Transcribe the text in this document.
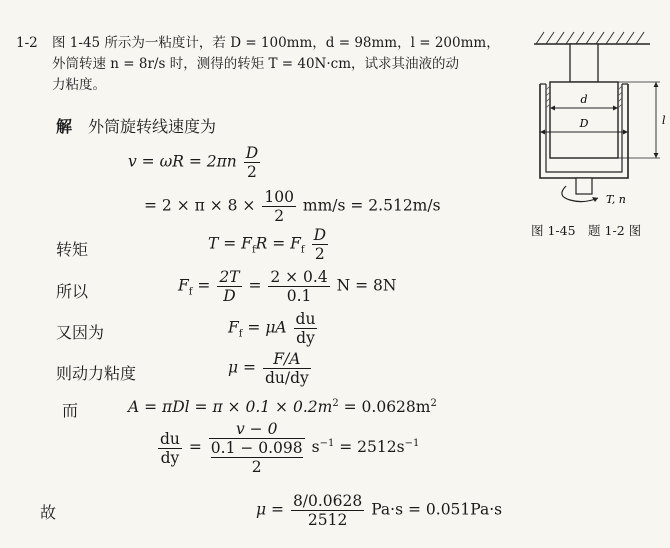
1-2 图 1-45 所示为一粘度计，若 D = 100mm，d = 98mm，l = 200mm，
外筒转速 n = 8r/s 时，测得的转矩 T = 40N·cm，试求其油液的动
力粘度。
解 外筒旋转线速度为
$v = \omega R = 2\pi n \frac{D}{2}$
= $2 \times \pi \times 8 \times \frac{100}{2} mm/s = 2.512m/s$
转矩	$T = F_fR = F_f \frac{D}{2}$
所以	$F_f = \frac{2T}{D} = \frac{2 \times 0.4}{0.1}$ N = 8N
又因为	$F_f = \mu A \frac{du}{dy}$
则动力粘度	$\mu = \frac{F/A}{du/dy}$
而	$A = \pi Dl = \pi \times 0.1 \times 0.2m^2 = 0.0628m^2$
$\frac{du}{dy} = v - 0$
0.1 − 0.098
2 $s^{-1} = 2512s^{-1}$
故	$\mu = \frac{8/0.0628}{2512} Pa\cdot s = 0.051Pa\cdot s$
d
D	l
T, n
图 1-45　题 1-2 图
